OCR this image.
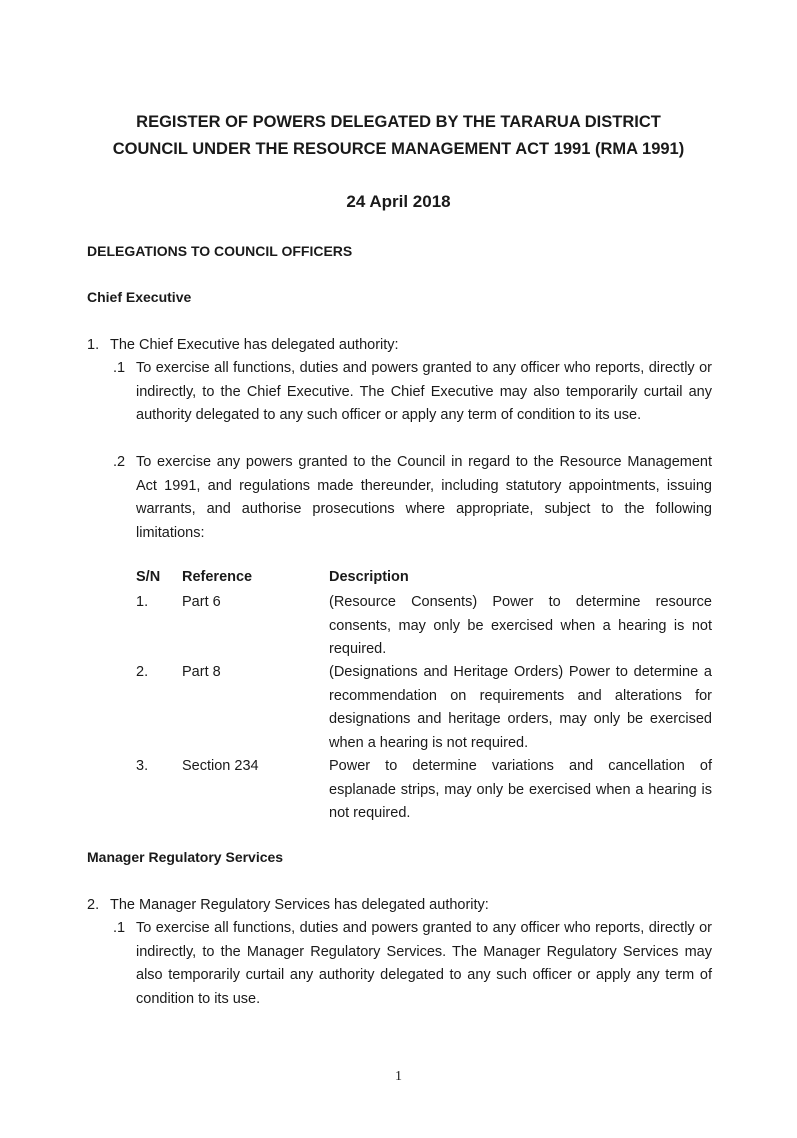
REGISTER OF POWERS DELEGATED BY THE TARARUA DISTRICT
COUNCIL UNDER THE RESOURCE MANAGEMENT ACT 1991 (RMA 1991)
24 April 2018
DELEGATIONS TO COUNCIL OFFICERS
Chief Executive
1. The Chief Executive has delegated authority:
.1 To exercise all functions, duties and powers granted to any officer who reports, directly or indirectly, to the Chief Executive. The Chief Executive may also temporarily curtail any authority delegated to any such officer or apply any term of condition to its use.
.2 To exercise any powers granted to the Council in regard to the Resource Management Act 1991, and regulations made thereunder, including statutory appointments, issuing warrants, and authorise prosecutions where appropriate, subject to the following limitations:
S/N Reference	Description
1. Part 6	(Resource Consents) Power to determine resource consents, may only be exercised when a hearing is not required.
2. Part 8	(Designations and Heritage Orders) Power to determine a recommendation on requirements and alterations for designations and heritage orders, may only be exercised when a hearing is not required.
3. Section 234	Power to determine variations and cancellation of esplanade strips, may only be exercised when a hearing is not required.
Manager Regulatory Services
2. The Manager Regulatory Services has delegated authority:
.1 To exercise all functions, duties and powers granted to any officer who reports, directly or indirectly, to the Manager Regulatory Services. The Manager Regulatory Services may also temporarily curtail any authority delegated to any such officer or apply any term of condition to its use.
1
